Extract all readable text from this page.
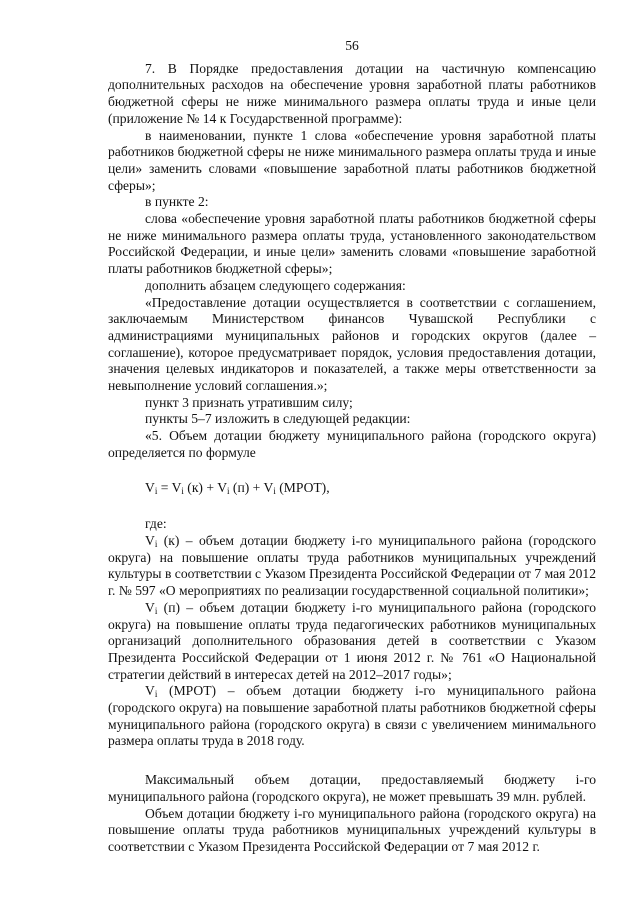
56

7. В Порядке предоставления дотации на частичную компенсацию дополнительных расходов на обеспечение уровня заработной платы работников бюджетной сферы не ниже минимального размера оплаты труда и иные цели (приложение № 14 к Государственной программе):

в наименовании, пункте 1 слова «обеспечение уровня заработной платы работников бюджетной сферы не ниже минимального размера оплаты труда и иные цели» заменить словами «повышение заработной платы работников бюджетной сферы»;

в пункте 2:

слова «обеспечение уровня заработной платы работников бюджетной сферы не ниже минимального размера оплаты труда, установленного законодательством Российской Федерации, и иные цели» заменить словами «повышение заработной платы работников бюджетной сферы»;

дополнить абзацем следующего содержания:

«Предоставление дотации осуществляется в соответствии с соглашением, заключаемым Министерством финансов Чувашской Республики с администрациями муниципальных районов и городских округов (далее – соглашение), которое предусматривает порядок, условия предоставления дотации, значения целевых индикаторов и показателей, а также меры ответственности за невыполнение условий соглашения.»;

пункт 3 признать утратившим силу;

пункты 5–7 изложить в следующей редакции:

«5. Объем дотации бюджету муниципального района (городского округа) определяется по формуле

$V_i = V_i$ $(к) + V_i$ $(п) + V_i$ (МРОТ),

где:

$V_i$ (к) – объем дотации бюджету i-го муниципального района (городского округа) на повышение оплаты труда работников муниципальных учреждений культуры в соответствии с Указом Президента Российской Федерации от 7 мая 2012 г. № 597 «О мероприятиях по реализации государственной социальной политики»;

$V_i$ (п) – объем дотации бюджету i-го муниципального района (городского округа) на повышение оплаты труда педагогических работников муниципальных организаций дополнительного образования детей в соответствии с Указом Президента Российской Федерации от 1 июня 2012 г. № 761 «О Национальной стратегии действий в интересах детей на 2012–2017 годы»;

$V_i$ (МРОТ) – объем дотации бюджету i-го муниципального района (городского округа) на повышение заработной платы работников бюджетной сферы муниципального района (городского округа) в связи с увеличением минимального размера оплаты труда в 2018 году.

Максимальный объем дотации, предоставляемый бюджету i-го муниципального района (городского округа), не может превышать 39 млн. рублей.

Объем дотации бюджету i-го муниципального района (городского округа) на повышение оплаты труда работников муниципальных учреждений культуры в соответствии с Указом Президента Российской Федерации от 7 мая 2012 г.
